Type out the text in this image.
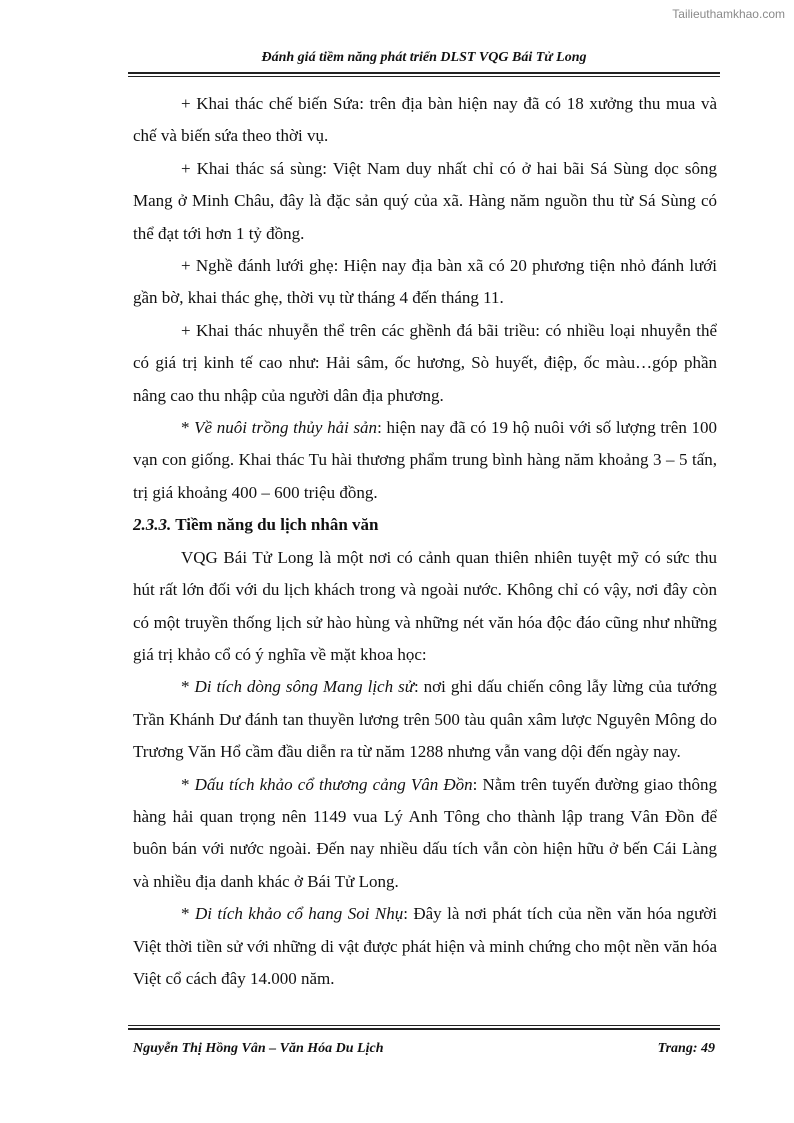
Tailieuthamkhao.com
Đánh giá tiềm năng phát triển DLST VQG Bái Tử Long

+ Khai thác chế biến Sứa: trên địa bàn hiện nay đã có 18 xưởng thu mua và chế và biến sứa theo thời vụ.

+ Khai thác sá sùng: Việt Nam duy nhất chỉ có ở hai bãi Sá Sùng dọc sông Mang ở Minh Châu, đây là đặc sản quý của xã. Hàng năm nguồn thu từ Sá Sùng có thể đạt tới hơn 1 tỷ đồng.

+ Nghề đánh lưới ghẹ: Hiện nay địa bàn xã có 20 phương tiện nhỏ đánh lưới gần bờ, khai thác ghẹ, thời vụ từ tháng 4 đến tháng 11.

+ Khai thác nhuyễn thể trên các ghềnh đá bãi triều: có nhiều loại nhuyễn thể có giá trị kinh tế cao như: Hải sâm, ốc hương, Sò huyết, điệp, ốc màu…góp phần nâng cao thu nhập của người dân địa phương.

* Về nuôi trồng thủy hải sản: hiện nay đã có 19 hộ nuôi với số lượng trên 100 vạn con giống. Khai thác Tu hài thương phẩm trung bình hàng năm khoảng 3 – 5 tấn, trị giá khoảng 400 – 600 triệu đồng.

2.3.3. Tiềm năng du lịch nhân văn

VQG Bái Tử Long là một nơi có cảnh quan thiên nhiên tuyệt mỹ có sức thu hút rất lớn đối với du lịch khách trong và ngoài nước. Không chỉ có vậy, nơi đây còn có một truyền thống lịch sử hào hùng và những nét văn hóa độc đáo cũng như những giá trị khảo cổ có ý nghĩa về mặt khoa học:

* Di tích dòng sông Mang lịch sử: nơi ghi dấu chiến công lẫy lừng của tướng Trần Khánh Dư đánh tan thuyền lương trên 500 tàu quân xâm lược Nguyên Mông do Trương Văn Hổ cầm đầu diễn ra từ năm 1288 nhưng vẫn vang dội đến ngày nay.

* Dấu tích khảo cổ thương cảng Vân Đồn: Nằm trên tuyến đường giao thông hàng hải quan trọng nên 1149 vua Lý Anh Tông cho thành lập trang Vân Đồn để buôn bán với nước ngoài. Đến nay nhiều dấu tích vẫn còn hiện hữu ở bến Cái Làng và nhiều địa danh khác ở Bái Tử Long.

* Di tích khảo cổ hang Soi Nhụ: Đây là nơi phát tích của nền văn hóa người Việt thời tiền sử với những di vật được phát hiện và minh chứng cho một nền văn hóa Việt cổ cách đây 14.000 năm.

Nguyễn Thị Hồng Vân – Văn Hóa Du Lịch	Trang: 49
